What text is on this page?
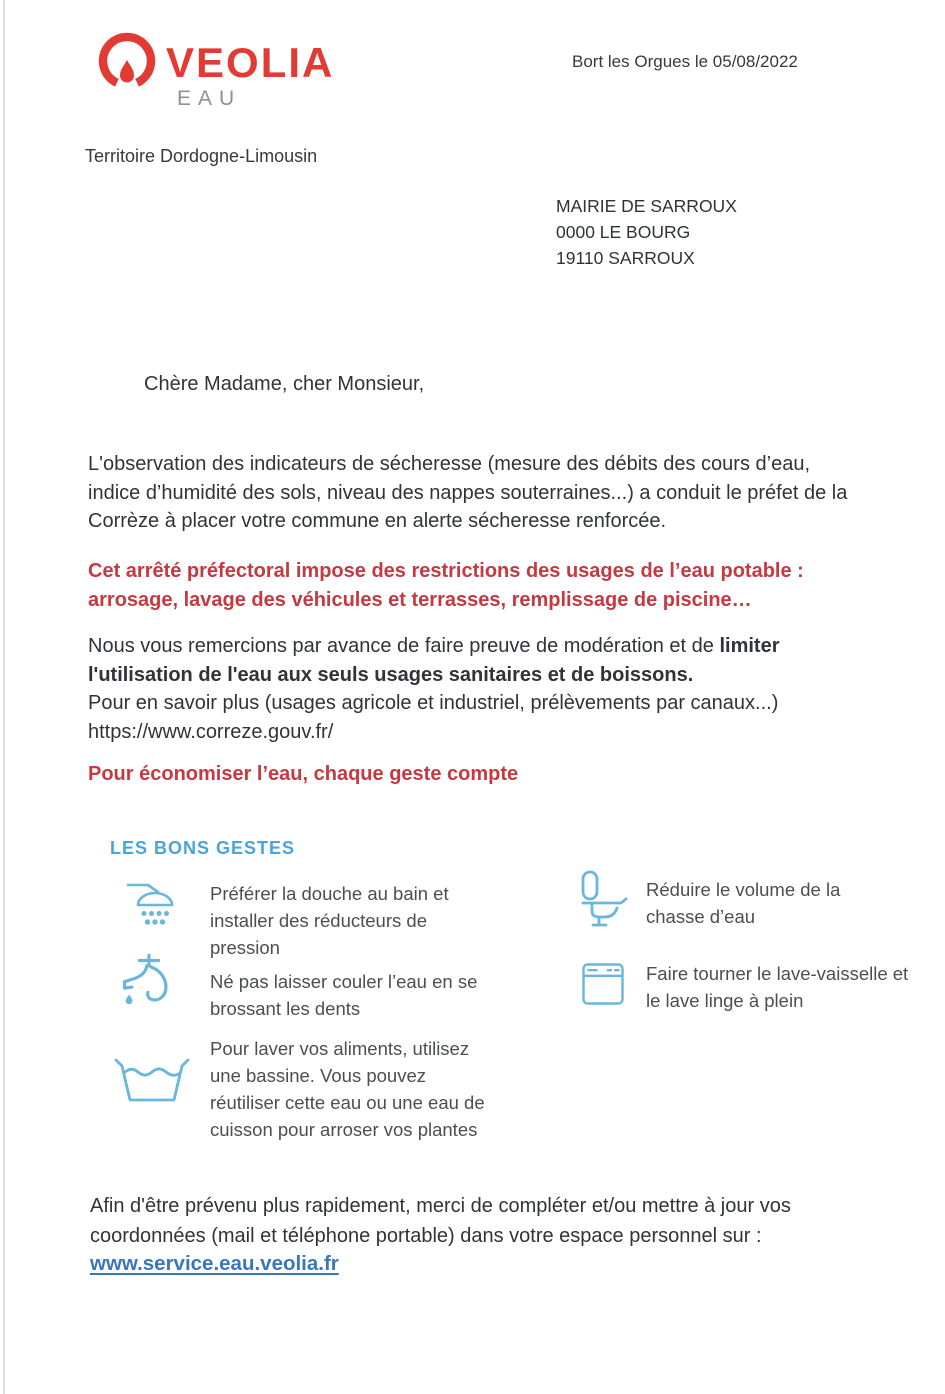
VEOLIA
EAU
Bort les Orgues le 05/08/2022
Territoire Dordogne-Limousin
MAIRIE DE SARROUX
0000 LE BOURG
19110 SARROUX
Chère Madame, cher Monsieur,
L'observation des indicateurs de sécheresse (mesure des débits des cours d’eau,
indice d’humidité des sols, niveau des nappes souterraines...) a conduit le préfet de la
Corrèze à placer votre commune en alerte sécheresse renforcée.
Cet arrêté préfectoral impose des restrictions des usages de l’eau potable :
arrosage, lavage des véhicules et terrasses, remplissage de piscine…
Nous vous remercions par avance de faire preuve de modération et de limiter
l'utilisation de l'eau aux seuls usages sanitaires et de boissons.
Pour en savoir plus (usages agricole et industriel, prélèvements par canaux...)
https://www.correze.gouv.fr/
Pour économiser l’eau, chaque geste compte
LES BONS GESTES
Préférer la douche au bain et installer des réducteurs de pression
Réduire le volume de la chasse d’eau
Né pas laisser couler l’eau en se brossant les dents
Faire tourner le lave-vaisselle et le lave linge à plein
Pour laver vos aliments, utilisez une bassine. Vous pouvez réutiliser cette eau ou une eau de cuisson pour arroser vos plantes
Afin d'être prévenu plus rapidement, merci de compléter et/ou mettre à jour vos
coordonnées (mail et téléphone portable) dans votre espace personnel sur :
www.service.eau.veolia.fr
